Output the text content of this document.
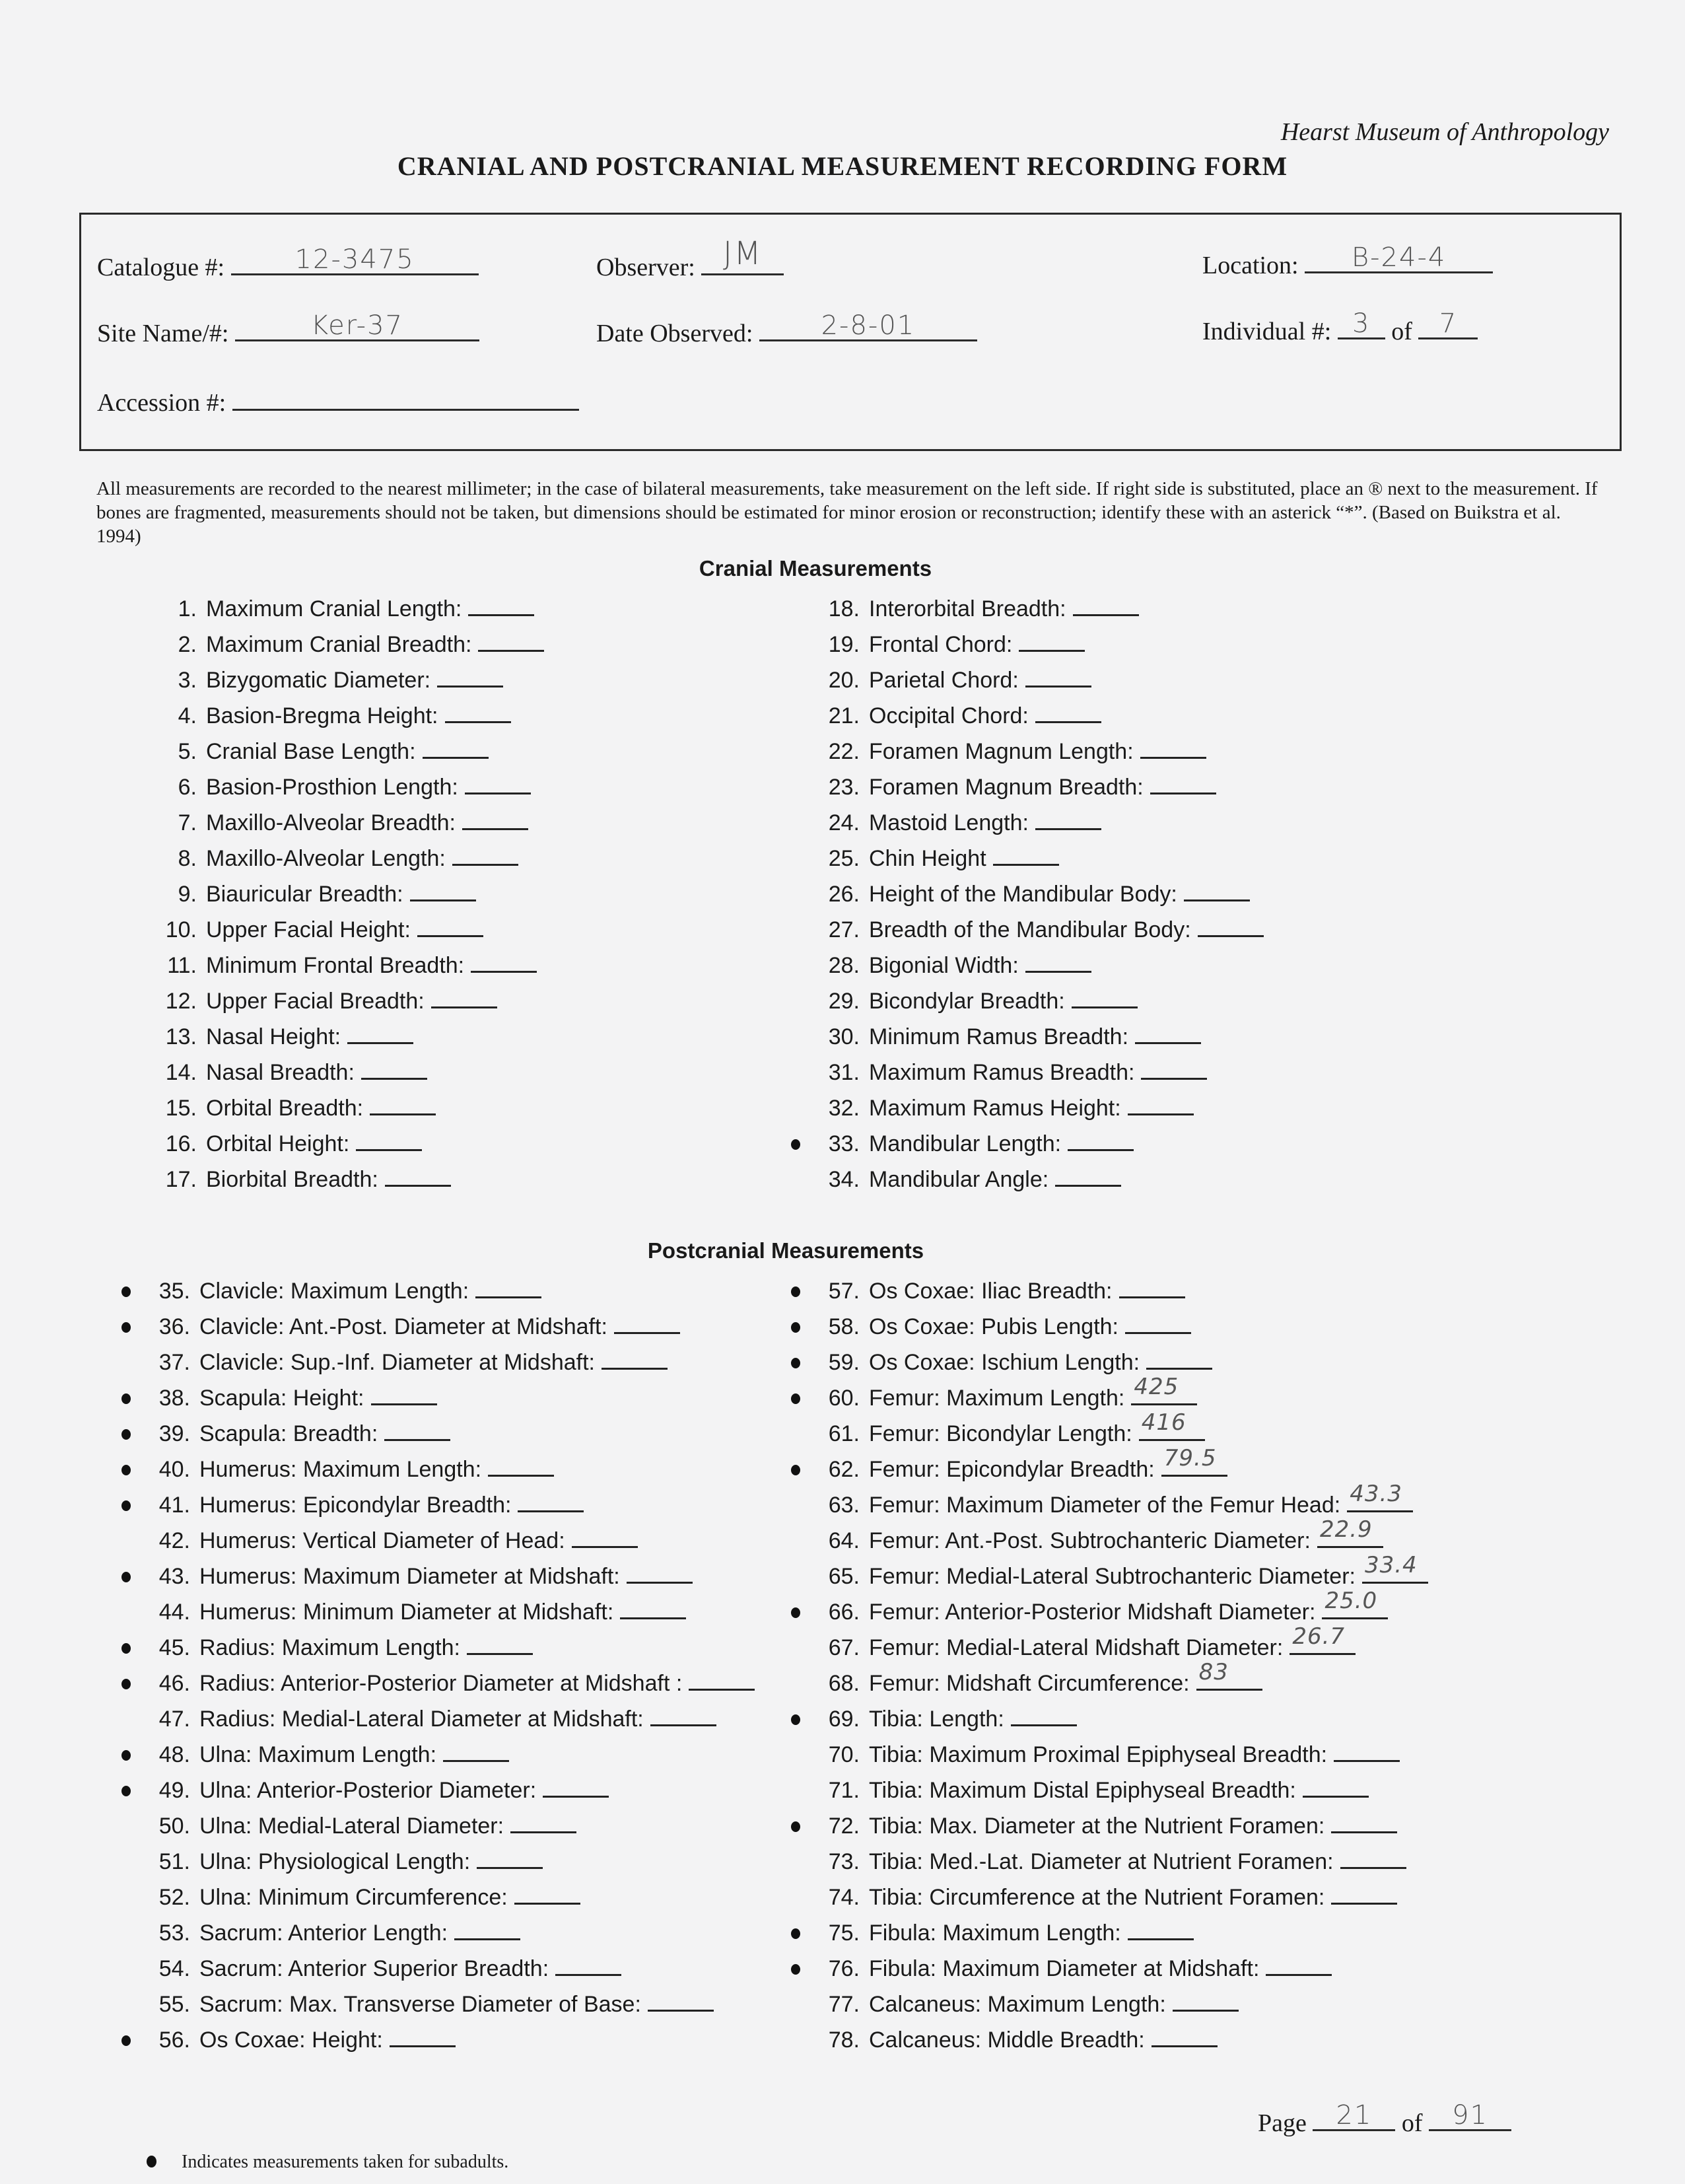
Hearst Museum of Anthropology
CRANIAL AND POSTCRANIAL MEASUREMENT RECORDING FORM
Catalogue #:	12-3475	Observer: JM	Location:	B-24-4
Site Name/#:	Ker-37	Date Observed:	2-8-01	Individual #: 3 of	7
Accession #:
All measurements are recorded to the nearest millimeter; in the case of bilateral measurements, take measurement on the left side. If right side is substituted, place an ® next to the measurement. If bones are fragmented, measurements should not be taken, but dimensions should be estimated for minor erosion or reconstruction; identify these with an asterick “*”. (Based on Buikstra et al. 1994)
Cranial Measurements
1. Maximum Cranial Length:
2. Maximum Cranial Breadth:
3. Bizygomatic Diameter:
4. Basion-Bregma Height:
5. Cranial Base Length:
6. Basion-Prosthion Length:
7. Maxillo-Alveolar Breadth:
8. Maxillo-Alveolar Length:
9. Biauricular Breadth:
10. Upper Facial Height:
11. Minimum Frontal Breadth:
12. Upper Facial Breadth:
13. Nasal Height:
14. Nasal Breadth:
15. Orbital Breadth:
16. Orbital Height:
17. Biorbital Breadth:
18. Interorbital Breadth:
19. Frontal Chord:
20. Parietal Chord:
21. Occipital Chord:
22. Foramen Magnum Length:
23. Foramen Magnum Breadth:
24. Mastoid Length:
25. Chin Height
26. Height of the Mandibular Body:
27. Breadth of the Mandibular Body:
28. Bigonial Width:
29. Bicondylar Breadth:
30. Minimum Ramus Breadth:
31. Maximum Ramus Breadth:
32. Maximum Ramus Height:
33. Mandibular Length:
34. Mandibular Angle:
Postcranial Measurements
35. Clavicle: Maximum Length:
36. Clavicle: Ant.-Post. Diameter at Midshaft:
37. Clavicle: Sup.-Inf. Diameter at Midshaft:
38. Scapula: Height:
39. Scapula: Breadth:
40. Humerus: Maximum Length:
41. Humerus: Epicondylar Breadth:
42. Humerus: Vertical Diameter of Head:
43. Humerus: Maximum Diameter at Midshaft:
44. Humerus: Minimum Diameter at Midshaft:
45. Radius: Maximum Length:
46. Radius: Anterior-Posterior Diameter at Midshaft :
47. Radius: Medial-Lateral Diameter at Midshaft:
48. Ulna: Maximum Length:
49. Ulna: Anterior-Posterior Diameter:
50. Ulna: Medial-Lateral Diameter:
51. Ulna: Physiological Length:
52. Ulna: Minimum Circumference:
53. Sacrum: Anterior Length:
54. Sacrum: Anterior Superior Breadth:
55. Sacrum: Max. Transverse Diameter of Base:
56. Os Coxae: Height:
57. Os Coxae: Iliac Breadth:
58. Os Coxae: Pubis Length:
59. Os Coxae: Ischium Length:
60. Femur: Maximum Length: 425
61. Femur: Bicondylar Length: 416
62. Femur: Epicondylar Breadth: 79.5
63. Femur: Maximum Diameter of the Femur Head: 43.3
64. Femur: Ant.-Post. Subtrochanteric Diameter: 22.9
65. Femur: Medial-Lateral Subtrochanteric Diameter: 33.4
66. Femur: Anterior-Posterior Midshaft Diameter: 25.0
67. Femur: Medial-Lateral Midshaft Diameter: 26.7
68. Femur: Midshaft Circumference: 83
69. Tibia: Length:
70. Tibia: Maximum Proximal Epiphyseal Breadth:
71. Tibia: Maximum Distal Epiphyseal Breadth:
72. Tibia: Max. Diameter at the Nutrient Foramen:
73. Tibia: Med.-Lat. Diameter at Nutrient Foramen:
74. Tibia: Circumference at the Nutrient Foramen:
75. Fibula: Maximum Length:
76. Fibula: Maximum Diameter at Midshaft:
77. Calcaneus: Maximum Length:
78. Calcaneus: Middle Breadth:
Page	21	of	91
Indicates measurements taken for subadults.
